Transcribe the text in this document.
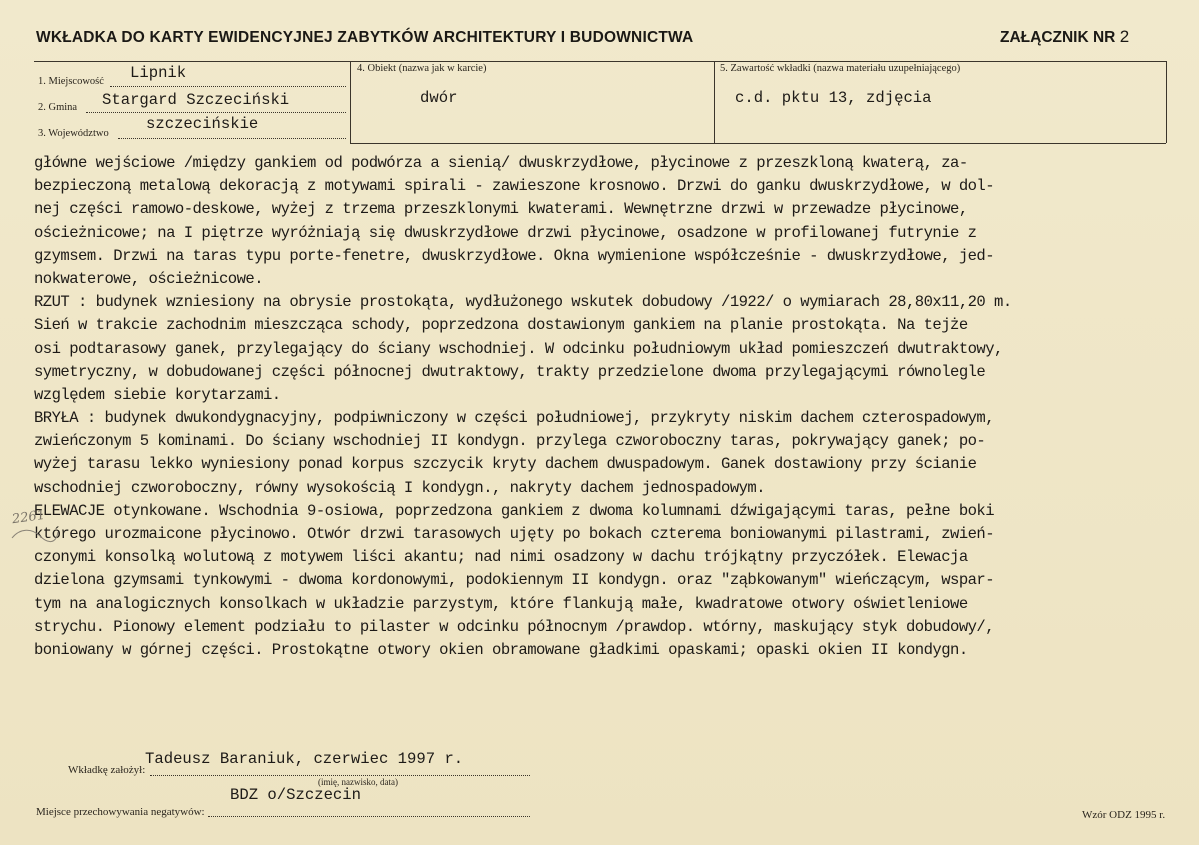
WKŁADKA DO KARTY EWIDENCYJNEJ ZABYTKÓW ARCHITEKTURY I BUDOWNICTWA	ZAŁĄCZNIK NR 2
1. Miejscowość Lipnik
2. Gmina Stargard Szczeciński
3. Województwo
szczecińskie
4. Obiekt (nazwa jak w karcie)
dwór
5. Zawartość wkładki (nazwa materiału uzupełniającego)
c.d. pktu 13, zdjęcia
główne wejściowe /między gankiem od podwórza a sienią/ dwuskrzydłowe, płycinowe z przeszkloną kwaterą, za-
bezpieczoną metalową dekoracją z motywami spirali - zawieszone krosnowo. Drzwi do ganku dwuskrzydłowe, w dol-
nej części ramowo-deskowe, wyżej z trzema przeszklonymi kwaterami. Wewnętrzne drzwi w przewadze płycinowe,
ościeżnicowe; na I piętrze wyróżniają się dwuskrzydłowe drzwi płycinowe, osadzone w profilowanej futrynie z
gzymsem. Drzwi na taras typu porte-fenetre, dwuskrzydłowe. Okna wymienione współcześnie - dwuskrzydłowe, jed-
nokwaterowe, ościeżnicowe.
RZUT : budynek wzniesiony na obrysie prostokąta, wydłużonego wskutek dobudowy /1922/ o wymiarach 28,80x11,20 m.
Sień w trakcie zachodnim mieszcząca schody, poprzedzona dostawionym gankiem na planie prostokąta. Na tejże
osi podtarasowy ganek, przylegający do ściany wschodniej. W odcinku południowym układ pomieszczeń dwutraktowy,
symetryczny, w dobudowanej części północnej dwutraktowy, trakty przedzielone dwoma przylegającymi równolegle
względem siebie korytarzami.
BRYŁA : budynek dwukondygnacyjny, podpiwniczony w części południowej, przykryty niskim dachem czterospadowym,
zwieńczonym 5 kominami. Do ściany wschodniej II kondygn. przylega czworoboczny taras, pokrywający ganek; po-
wyżej tarasu lekko wyniesiony ponad korpus szczycik kryty dachem dwuspadowym. Ganek dostawiony przy ścianie
wschodniej czworoboczny, równy wysokością I kondygn., nakryty dachem jednospadowym.
ELEWACJE otynkowane. Wschodnia 9-osiowa, poprzedzona gankiem z dwoma kolumnami dźwigającymi taras, pełne boki
którego urozmaicone płycinowo. Otwór drzwi tarasowych ujęty po bokach czterema boniowanymi pilastrami, zwień-
czonymi konsolką wolutową z motywem liści akantu; nad nimi osadzony w dachu trójkątny przyczółek. Elewacja
dzielona gzymsami tynkowymi - dwoma kordonowymi, podokiennym II kondygn. oraz "ząbkowanym" wieńczącym, wspar-
tym na analogicznych konsolkach w układzie parzystym, które flankują małe, kwadratowe otwory oświetleniowe
strychu. Pionowy element podziału to pilaster w odcinku północnym /prawdop. wtórny, maskujący styk dobudowy/,
boniowany w górnej części. Prostokątne otwory okien obramowane gładkimi opaskami; opaski okien II kondygn.
2261
Wkładkę założył:
Tadeusz Baraniuk, czerwiec 1997 r.
(imię, nazwisko, data)
Miejsce przechowywania negatywów:
BDZ o/Szczecin
Wzór ODZ 1995 r.
